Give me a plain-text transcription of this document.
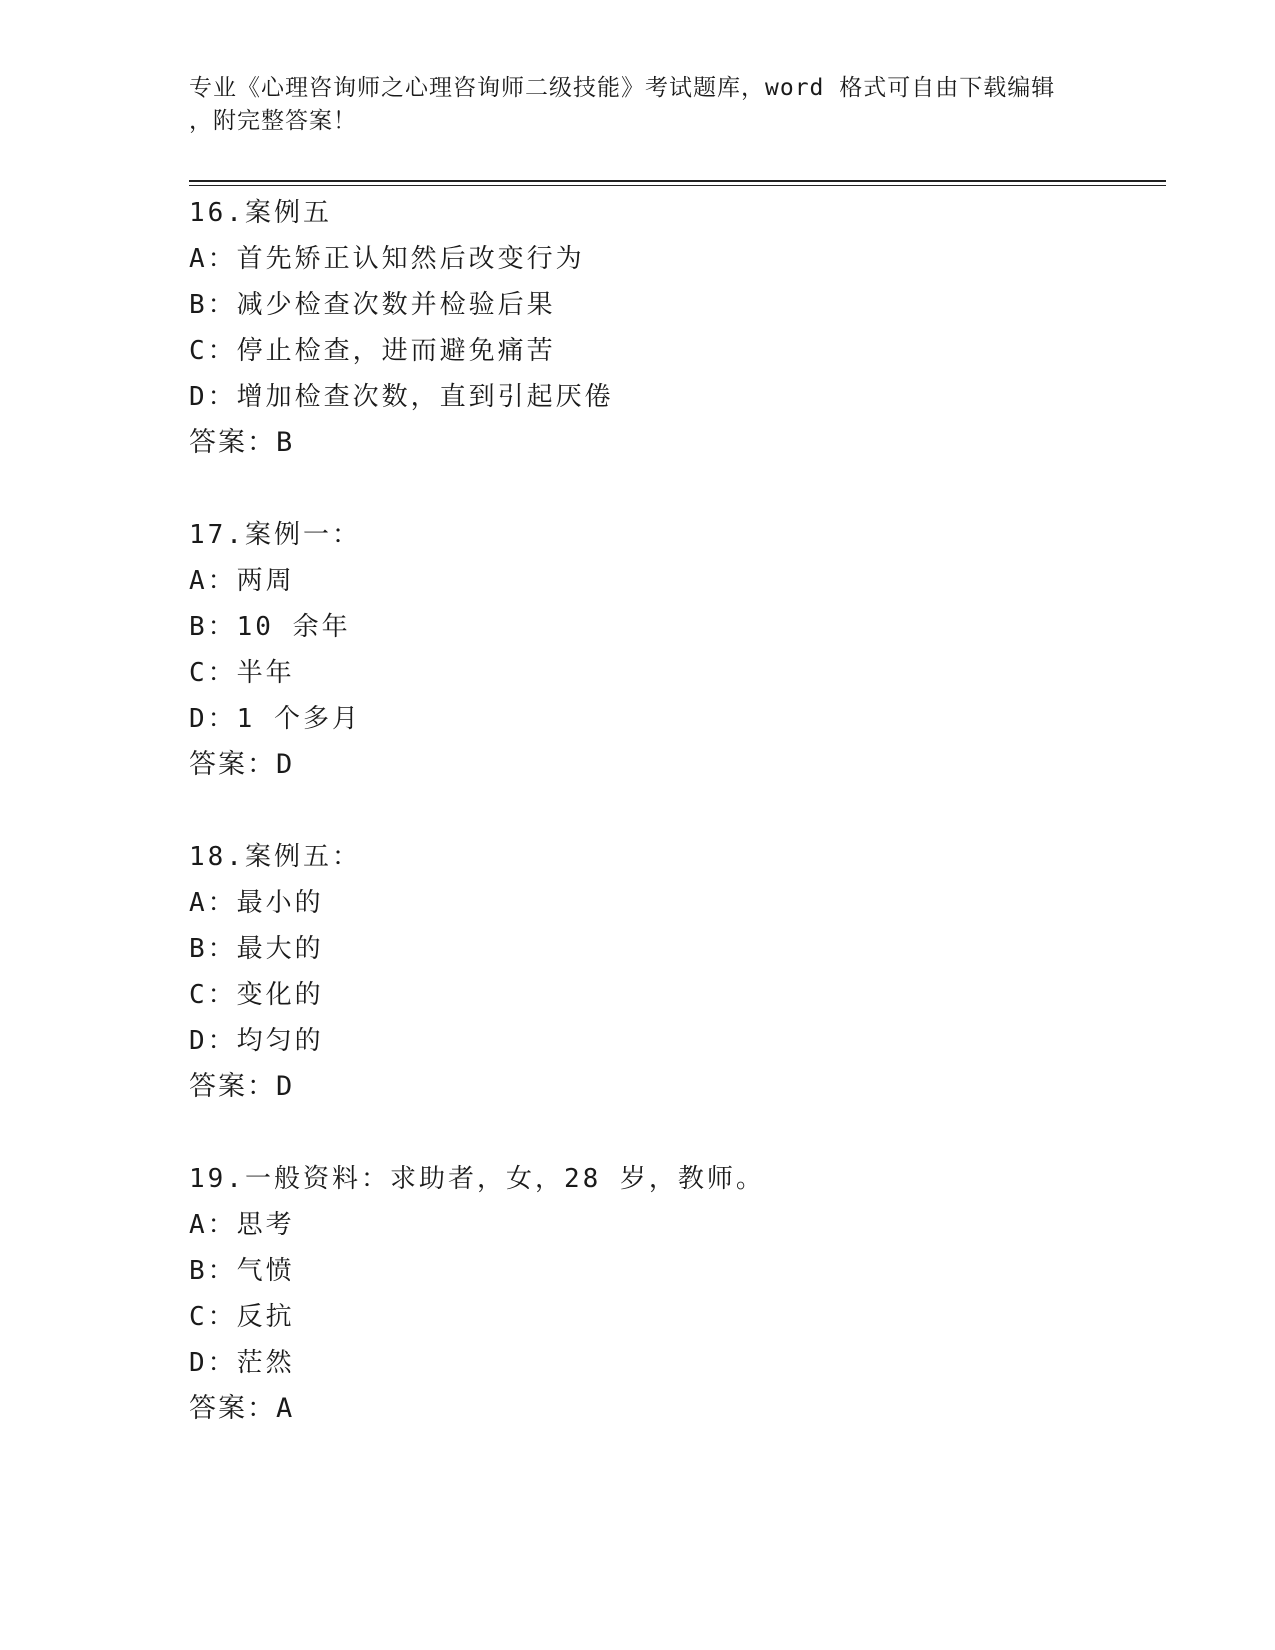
专业《心理咨询师之心理咨询师二级技能》考试题库，word 格式可自由下载编辑
，附完整答案！
16.案例五
A：首先矫正认知然后改变行为
B：减少检查次数并检验后果
C：停止检查，进而避免痛苦
D：增加检查次数，直到引起厌倦
答案：B
17.案例一：
A：两周
B：10 余年
C：半年
D：1 个多月
答案：D
18.案例五：
A：最小的
B：最大的
C：变化的
D：均匀的
答案：D
19.一般资料：求助者，女，28 岁，教师。
A：思考
B：气愤
C：反抗
D：茫然
答案：A
